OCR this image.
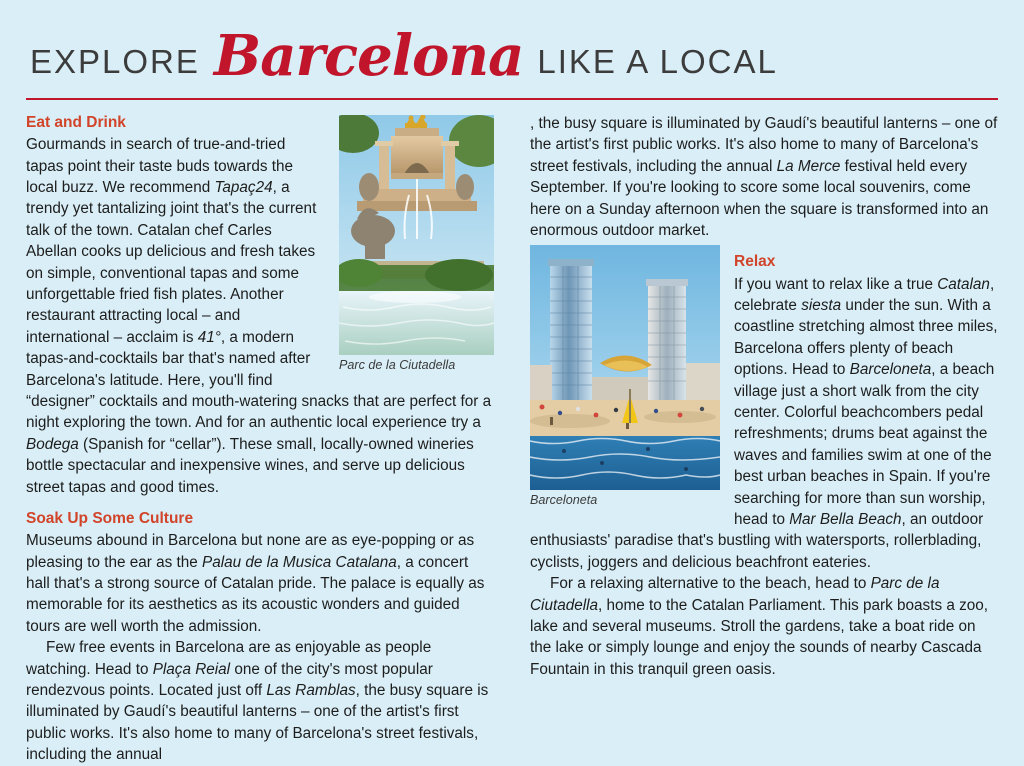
EXPLORE Barcelona LIKE A LOCAL
Parc de la Ciutadella
Eat and Drink

Gourmands in search of true-and-tried tapas point their taste buds towards the local buzz. We recommend Tapaç24, a trendy yet tantalizing joint that's the current talk of the town. Catalan chef Carles Abellan cooks up delicious and fresh takes on simple, conventional tapas and some unforgettable fried fish plates. Another restaurant attracting local – and international – acclaim is 41°, a modern tapas-and-cocktails bar that's named after Barcelona's latitude. Here, you'll find “designer” cocktails and mouth-watering snacks that are perfect for a night exploring the town. And for an authentic local experience try a Bodega (Spanish for “cellar”). These small, locally-owned wineries bottle spectacular and inexpensive wines, and serve up delicious street tapas and good times.

Soak Up Some Culture

Museums abound in Barcelona but none are as eye-popping or as pleasing to the ear as the Palau de la Musica Catalana, a concert hall that's a strong source of Catalan pride. The palace is equally as memorable for its aesthetics as its acoustic wonders and guided tours are well worth the admission.

Few free events in Barcelona are as enjoyable as people watching. Head to Plaça Reial one of the city's most popular rendezvous points. Located just off Las Ramblas, the busy square is illuminated by Gaudí's beautiful lanterns – one of the artist's first public works. It's also home to many of Barcelona's street festivals, including the annual

, the busy square is illuminated by Gaudí's beautiful lanterns – one of the artist's first public works. It's also home to many of Barcelona's street festivals, including the annual La Merce festival held every September. If you're looking to score some local souvenirs, come here on a Sunday afternoon when the square is transformed into an enormous outdoor market.

Barceloneta
Relax

If you want to relax like a true Catalan, celebrate siesta under the sun. With a coastline stretching almost three miles, Barcelona offers plenty of beach options. Head to Barceloneta, a beach village just a short walk from the city center. Colorful beachcombers pedal refreshments; drums beat against the waves and families swim at one of the best urban beaches in Spain. If you're searching for more than sun worship, head to Mar Bella Beach, an outdoor enthusiasts' paradise that's bustling with watersports, rollerblading, cyclists, joggers and delicious beachfront eateries.

For a relaxing alternative to the beach, head to Parc de la Ciutadella, home to the Catalan Parliament. This park boasts a zoo, lake and several museums. Stroll the gardens, take a boat ride on the lake or simply lounge and enjoy the sounds of nearby Cascada Fountain in this tranquil green oasis.
